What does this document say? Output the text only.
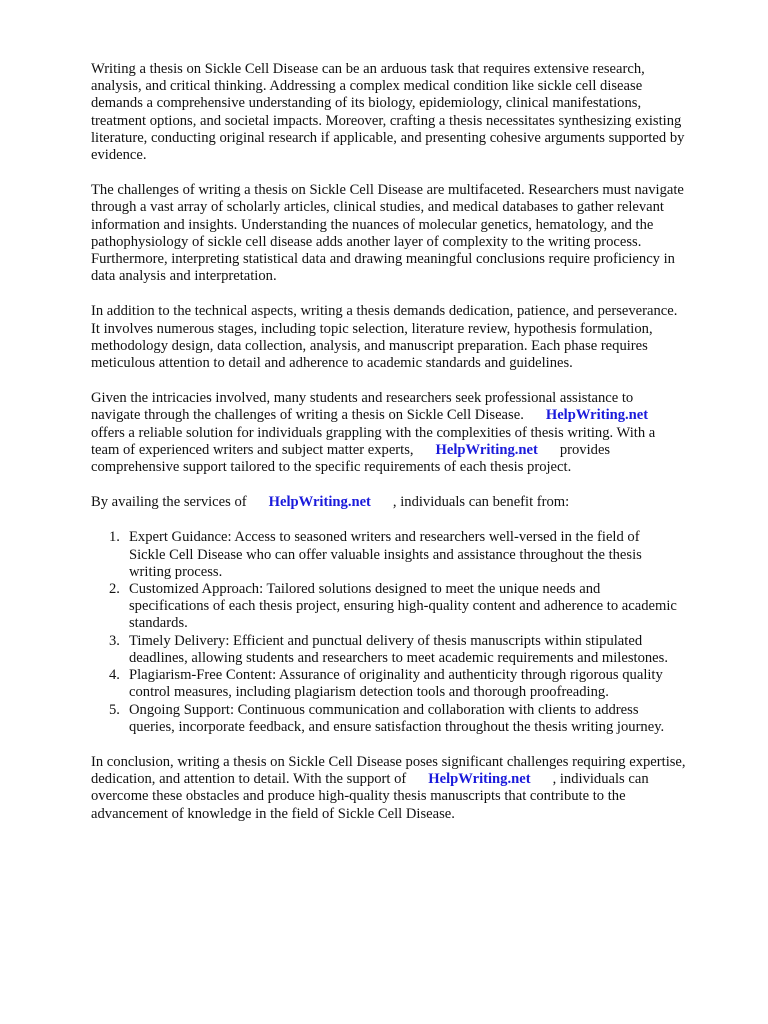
Writing a thesis on Sickle Cell Disease can be an arduous task that requires extensive research,
analysis, and critical thinking. Addressing a complex medical condition like sickle cell disease
demands a comprehensive understanding of its biology, epidemiology, clinical manifestations,
treatment options, and societal impacts. Moreover, crafting a thesis necessitates synthesizing existing
literature, conducting original research if applicable, and presenting cohesive arguments supported by
evidence.

The challenges of writing a thesis on Sickle Cell Disease are multifaceted. Researchers must navigate
through a vast array of scholarly articles, clinical studies, and medical databases to gather relevant
information and insights. Understanding the nuances of molecular genetics, hematology, and the
pathophysiology of sickle cell disease adds another layer of complexity to the writing process.
Furthermore, interpreting statistical data and drawing meaningful conclusions require proficiency in
data analysis and interpretation.

In addition to the technical aspects, writing a thesis demands dedication, patience, and perseverance.
It involves numerous stages, including topic selection, literature review, hypothesis formulation,
methodology design, data collection, analysis, and manuscript preparation. Each phase requires
meticulous attention to detail and adherence to academic standards and guidelines.

Given the intricacies involved, many students and researchers seek professional assistance to
navigate through the challenges of writing a thesis on Sickle Cell Disease. HelpWriting.net
offers a reliable solution for individuals grappling with the complexities of thesis writing. With a
team of experienced writers and subject matter experts, HelpWriting.net provides
comprehensive support tailored to the specific requirements of each thesis project.

By availing the services of HelpWriting.net , individuals can benefit from:

1. Expert Guidance: Access to seasoned writers and researchers well-versed in the field of
Sickle Cell Disease who can offer valuable insights and assistance throughout the thesis
writing process.
2. Customized Approach: Tailored solutions designed to meet the unique needs and
specifications of each thesis project, ensuring high-quality content and adherence to academic
standards.
3. Timely Delivery: Efficient and punctual delivery of thesis manuscripts within stipulated
deadlines, allowing students and researchers to meet academic requirements and milestones.
4. Plagiarism-Free Content: Assurance of originality and authenticity through rigorous quality
control measures, including plagiarism detection tools and thorough proofreading.
5. Ongoing Support: Continuous communication and collaboration with clients to address
queries, incorporate feedback, and ensure satisfaction throughout the thesis writing journey.

In conclusion, writing a thesis on Sickle Cell Disease poses significant challenges requiring expertise,
dedication, and attention to detail. With the support of HelpWriting.net , individuals can
overcome these obstacles and produce high-quality thesis manuscripts that contribute to the
advancement of knowledge in the field of Sickle Cell Disease.
